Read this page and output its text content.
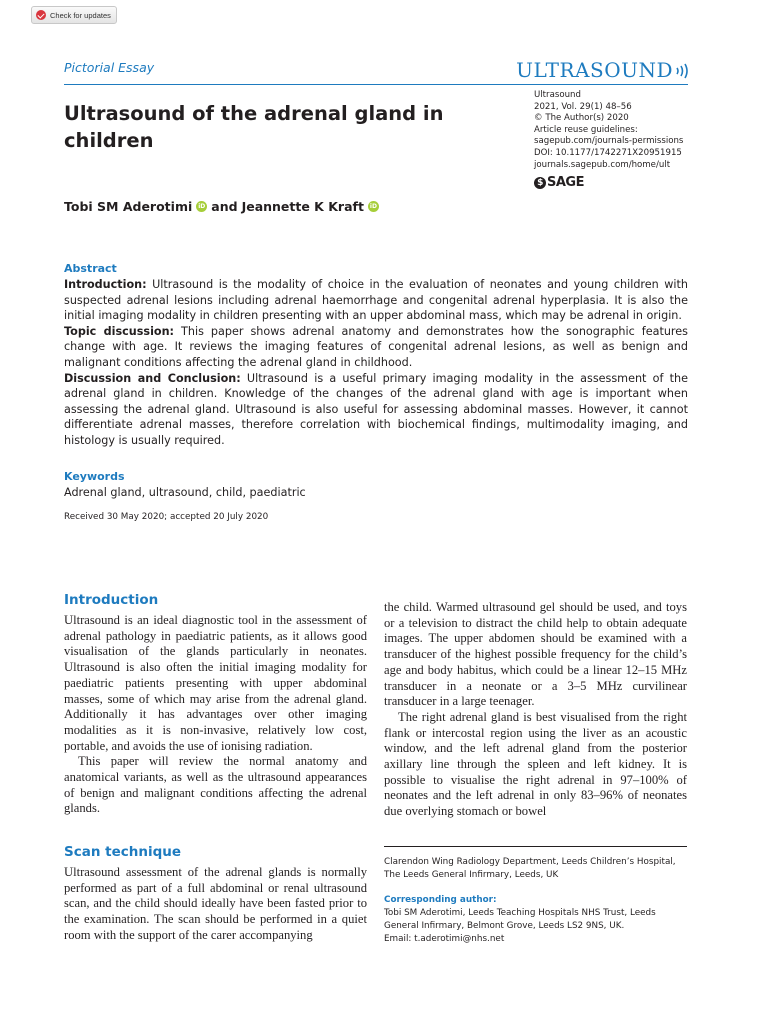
Check for updates
Pictorial Essay	ULTRASOUND
Ultrasound of the adrenal gland in children
Ultrasound
2021, Vol. 29(1) 48–56
© The Author(s) 2020
Article reuse guidelines:
sagepub.com/journals-permissions
DOI: 10.1177/1742271X20951915
journals.sagepub.com/home/ult
$ SAGE
Tobi SM Aderotimi iD and Jeannette K Kraft iD
Abstract

Introduction: Ultrasound is the modality of choice in the evaluation of neonates and young children with suspected adrenal lesions including adrenal haemorrhage and congenital adrenal hyperplasia. It is also the initial imaging modality in children presenting with an upper abdominal mass, which may be adrenal in origin.

Topic discussion: This paper shows adrenal anatomy and demonstrates how the sonographic features change with age. It reviews the imaging features of congenital adrenal lesions, as well as benign and malignant conditions affecting the adrenal gland in childhood.

Discussion and Conclusion: Ultrasound is a useful primary imaging modality in the assessment of the adrenal gland in children. Knowledge of the changes of the adrenal gland with age is important when assessing the adrenal gland. Ultrasound is also useful for assessing abdominal masses. However, it cannot differentiate adrenal masses, therefore correlation with biochemical findings, multimodality imaging, and histology is usually required.

Keywords
Adrenal gland, ultrasound, child, paediatric
Received 30 May 2020; accepted 20 July 2020
Introduction

Ultrasound is an ideal diagnostic tool in the assessment of adrenal pathology in paediatric patients, as it allows good visualisation of the glands particularly in neonates. Ultrasound is also often the initial imaging modality for paediatric patients presenting with upper abdominal masses, some of which may arise from the adrenal gland. Additionally it has advantages over other imaging modalities as it is non-invasive, relatively low cost, portable, and avoids the use of ionising radiation.

This paper will review the normal anatomy and anatomical variants, as well as the ultrasound appearances of benign and malignant conditions affecting the adrenal glands.

Scan technique

Ultrasound assessment of the adrenal glands is normally performed as part of a full abdominal or renal ultrasound scan, and the child should ideally have been fasted prior to the examination. The scan should be performed in a quiet room with the support of the carer accompanying

the child. Warmed ultrasound gel should be used, and toys or a television to distract the child help to obtain adequate images. The upper abdomen should be examined with a transducer of the highest possible frequency for the child’s age and body habitus, which could be a linear 12–15 MHz transducer in a neonate or a 3–5 MHz curvilinear transducer in a large teenager.

The right adrenal gland is best visualised from the right flank or intercostal region using the liver as an acoustic window, and the left adrenal gland from the posterior axillary line through the spleen and left kidney. It is possible to visualise the right adrenal in 97–100% of neonates and the left adrenal in only 83–96% of neonates due overlying stomach or bowel

Clarendon Wing Radiology Department, Leeds Children’s Hospital, The Leeds General Infirmary, Leeds, UK
Corresponding author:
Tobi SM Aderotimi, Leeds Teaching Hospitals NHS Trust, Leeds General Infirmary, Belmont Grove, Leeds LS2 9NS, UK.
Email: t.aderotimi@nhs.net
